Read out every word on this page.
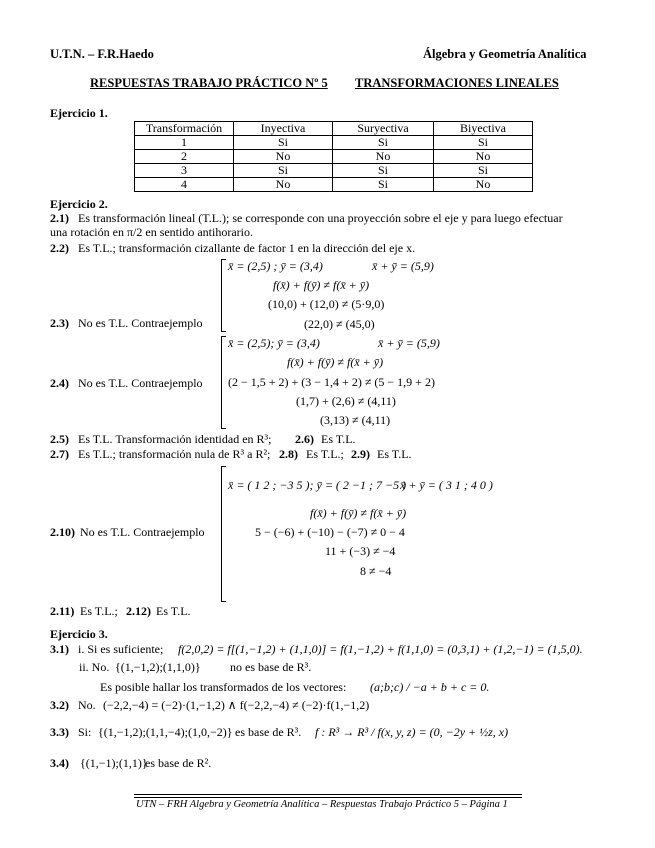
U.T.N. – F.R.Haedo	Álgebra y Geometría Analítica
RESPUESTAS TRABAJO PRÁCTICO Nº 5 TRANSFORMACIONES LINEALES
Ejercicio 1.
Transformación	Inyectiva	Suryectiva	Biyectiva
1	Si	Si	Si
2	No	No	No
3	Si	Si	Si
4	No	Si	No
Ejercicio 2.
2.1) Es transformación lineal (T.L.); se corresponde con una proyección sobre el eje y para luego efectuar
una rotación en π/2 en sentido antihorario.
2.2) Es T.L.; transformación cizallante de factor 1 en la dirección del eje x.
2.3) No es T.L. Contraejemplo
x̄ = (2,5) ; ȳ = (3,4)	x̄ + ȳ = (5,9)
f(x̄) + f(ȳ) ≠ f(x̄ + ȳ)
(10,0) + (12,0) ≠ (5·9,0)
(22,0) ≠ (45,0)
2.4) No es T.L. Contraejemplo
x̄ = (2,5); ȳ = (3,4)	x̄ + ȳ = (5,9)
f(x̄) + f(ȳ) ≠ f(x̄ + ȳ)
(2 − 1,5 + 2) + (3 − 1,4 + 2) ≠ (5 − 1,9 + 2)
(1,7) + (2,6) ≠ (4,11)
(3,13) ≠ (4,11)
2.5) Es T.L. Transformación identidad en R³; 2.6) Es T.L.
2.7) Es T.L.; transformación nula de R³ a R²; 2.8) Es T.L.; 2.9) Es T.L.
2.10) No es T.L. Contraejemplo
x̄ = ( 1 2 ; −3 5 ); ȳ = ( 2 −1 ; 7 −5 )
x̄ + ȳ = ( 3 1 ; 4 0 )
f(x̄) + f(ȳ) ≠ f(x̄ + ȳ)
5 − (−6) + (−10) − (−7) ≠ 0 − 4
11 + (−3) ≠ −4
8 ≠ −4
2.11) Es T.L.; 2.12) Es T.L.
Ejercicio 3.
3.1) i. Si es suficiente; f(2,0,2) = f[(1,−1,2) + (1,1,0)] = f(1,−1,2) + f(1,1,0) = (0,3,1) + (1,2,−1) = (1,5,0).
ii. No. {(1,−1,2);(1,1,0)} no es base de R³.
Es posible hallar los transformados de los vectores: (a;b;c) / −a + b + c = 0.
3.2) No. (−2,2,−4) = (−2)·(1,−1,2) ∧ f(−2,2,−4) ≠ (−2)·f(1,−1,2)
3.3) Si: {(1,−1,2);(1,1,−4);(1,0,−2)} es base de R³. f : R³ → R³ / f(x, y, z) = (0, −2y + ½z, x)
3.4) {(1,−1);(1,1)}
es base de R².
UTN – FRH Algebra y Geometría Analítica – Respuestas Trabajo Práctico 5 – Página 1
